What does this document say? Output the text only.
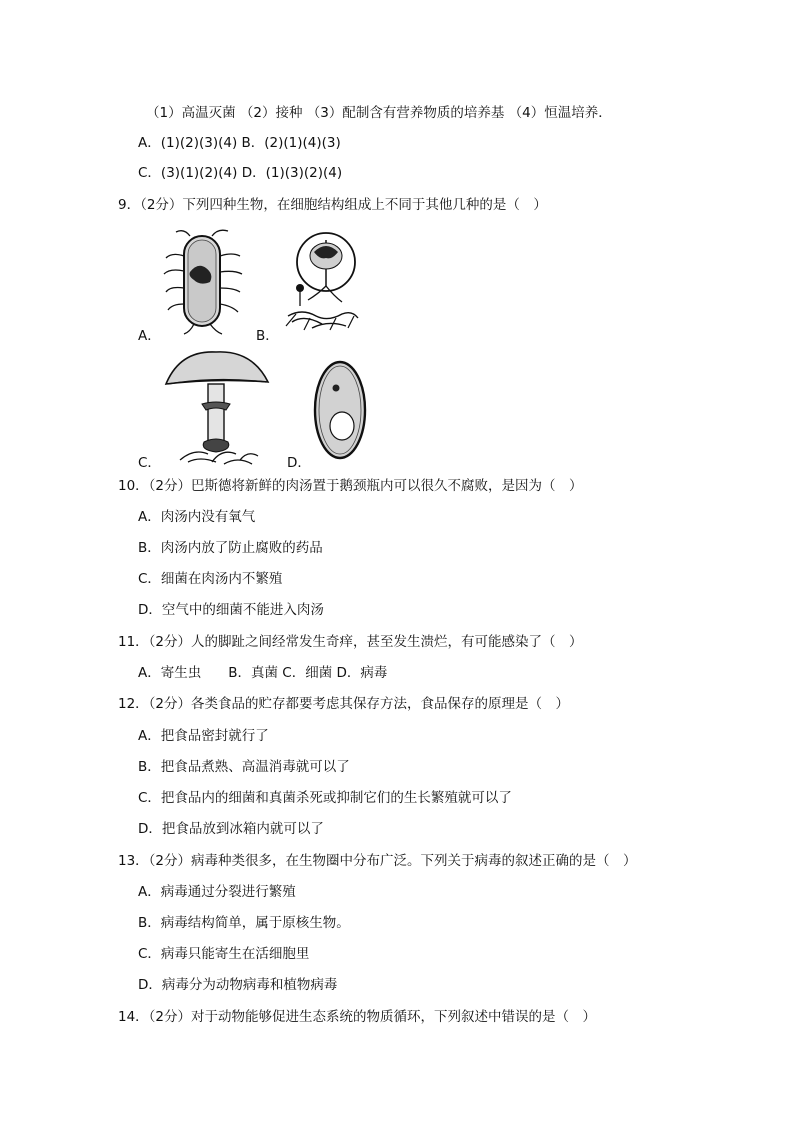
（1）高温灭菌 （2）接种 （3）配制含有营养物质的培养基 （4）恒温培养．
A．(1)(2)(3)(4) B．(2)(1)(4)(3)
C．(3)(1)(2)(4) D．(1)(3)(2)(4)
9．（2分）下列四种生物，在细胞结构组成上不同于其他几种的是（　）
A．	B．
C．	D．
10．（2分）巴斯德将新鲜的肉汤置于鹅颈瓶内可以很久不腐败，是因为（　）
A．肉汤内没有氧气
B．肉汤内放了防止腐败的药品
C．细菌在肉汤内不繁殖
D．空气中的细菌不能进入肉汤
11．（2分）人的脚趾之间经常发生奇痒，甚至发生溃烂，有可能感染了（　）
A．寄生虫　　B．真菌 C．细菌 D．病毒
12．（2分）各类食品的贮存都要考虑其保存方法，食品保存的原理是（　）
A．把食品密封就行了
B．把食品煮熟、高温消毒就可以了
C．把食品内的细菌和真菌杀死或抑制它们的生长繁殖就可以了
D．把食品放到冰箱内就可以了
13．（2分）病毒种类很多，在生物圈中分布广泛。下列关于病毒的叙述正确的是（　）
A．病毒通过分裂进行繁殖
B．病毒结构简单，属于原核生物。
C．病毒只能寄生在活细胞里
D．病毒分为动物病毒和植物病毒
14．（2分）对于动物能够促进生态系统的物质循环，下列叙述中错误的是（　）
